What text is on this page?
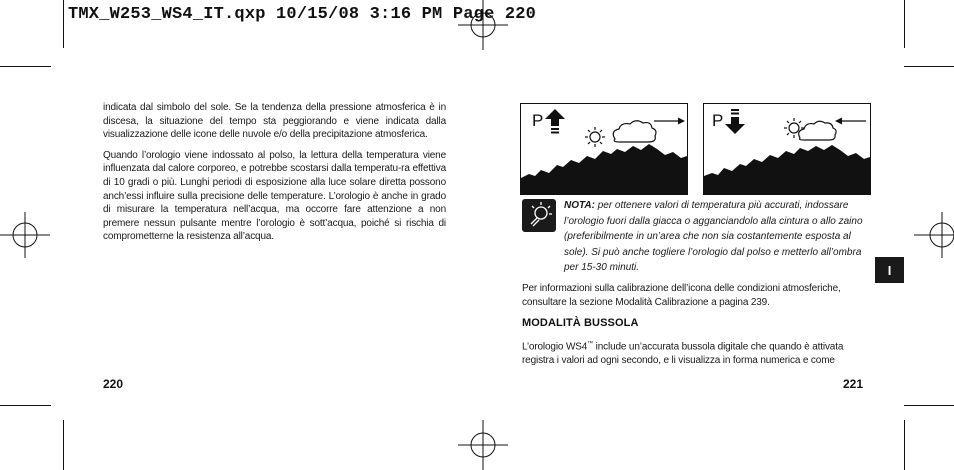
TMX_W253_WS4_IT.qxp 10/15/08 3:16 PM Page 220

indicata dal simbolo del sole. Se la tendenza della pressione atmosferica è in discesa, la situazione del tempo sta peggiorando e viene indicata dalla visualizzazione delle icone delle nuvole e/o della precipitazione atmosferica.

Quando l’orologio viene indossato al polso, la lettura della temperatura viene influenzata dal calore corporeo, e potrebbe scostarsi dalla temperatu-ra effettiva di 10 gradi o più. Lunghi periodi di esposizione alla luce solare diretta possono anch’essi influire sulla precisione delle temperature. L’orologio è anche in grado di misurare la temperatura nell’acqua, ma occorre fare attenzione a non premere nessun pulsante mentre l’orologio è sott’acqua, poiché si rischia di comprometterne la resistenza all’acqua.

220
P	P
NOTA: per ottenere valori di temperatura più accurati, indossare l’orologio fuori dalla giacca o agganciandolo alla cintura o allo zaino (preferibilmente in un’area che non sia costantemente esposta al sole). Si può anche togliere l’orologio dal polso e metterlo all’ombra per 15-30 minuti.
Per informazioni sulla calibrazione dell’icona delle condizioni atmosferiche, consultare la sezione Modalità Calibrazione a pagina 239.
MODALITÀ BUSSOLA
L’orologio WS4™ include un’accurata bussola digitale che quando è attivata registra i valori ad ogni secondo, e li visualizza in forma numerica e come
221
I
